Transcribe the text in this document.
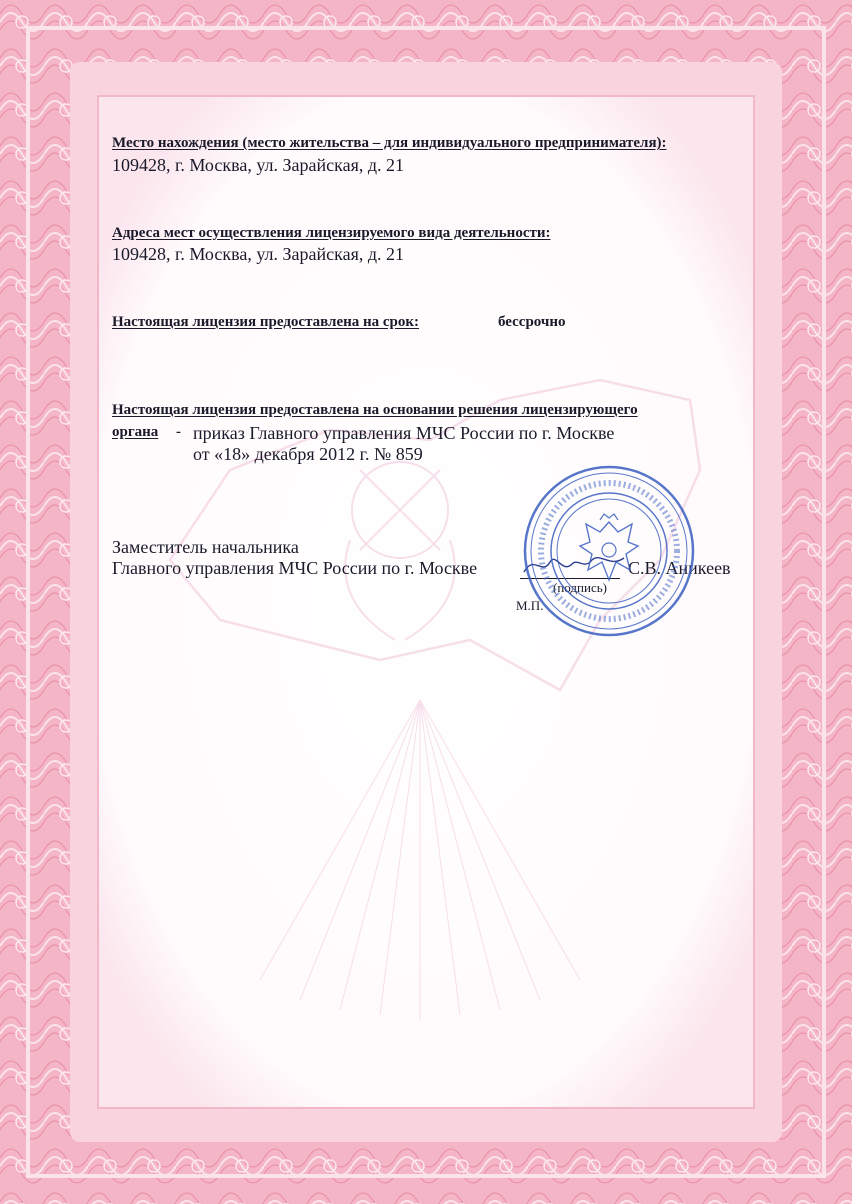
Место нахождения (место жительства – для индивидуального предпринимателя):
109428, г. Москва, ул. Зарайская, д. 21
Адреса мест осуществления лицензируемого вида деятельности:
109428, г. Москва, ул. Зарайская, д. 21
Настоящая лицензия предоставлена на срок:	бессрочно
Настоящая лицензия предоставлена на основании решения лицензирующего
органа - приказ Главного управления МЧС России по г. Москве
от «18» декабря 2012 г. № 859
Заместитель начальника
Главного управления МЧС России по г. Москве	С.В. Аникеев
(подпись)
М.П.
